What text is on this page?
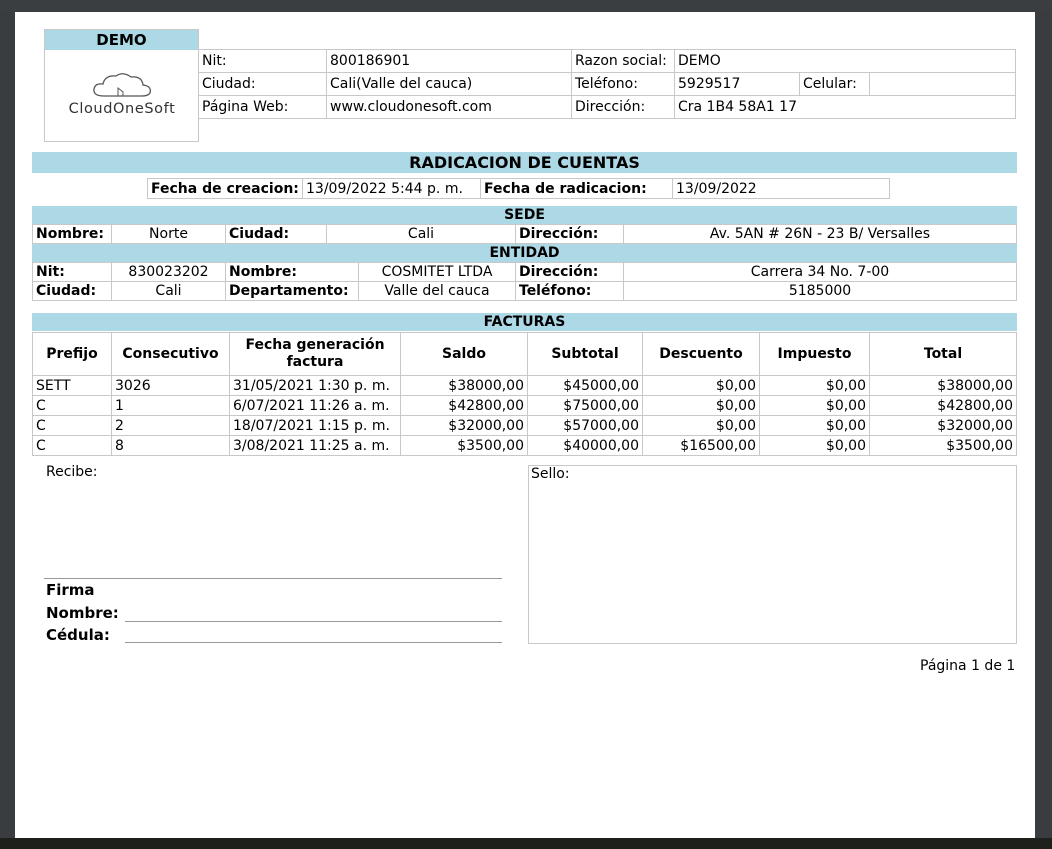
DEMO
CloudOneSoft
Nit:	800186901	Razon social:	DEMO		
Ciudad:	Cali(Valle del cauca)	Teléfono:	5929517	Celular:	
Página Web:	www.cloudonesoft.com	Dirección:	Cra 1B4 58A1 17		
RADICACION DE CUENTAS
Fecha de creacion:	13/09/2022 5:44 p. m.	Fecha de radicacion:	13/09/2022
SEDE
Nombre:	Norte	Ciudad:	Cali	Dirección:	Av. 5AN # 26N - 23 B/ Versalles
ENTIDAD
Nit:	830023202	Nombre:	COSMITET LTDA	Dirección:	Carrera 34 No. 7-00
Ciudad:	Cali	Departamento:	Valle del cauca	Teléfono:	5185000
FACTURAS
Prefijo	Consecutivo	Fecha generación factura	Saldo	Subtotal	Descuento	Impuesto	Total
SETT	3026	31/05/2021 1:30 p. m.	$38000,00	$45000,00	$0,00	$0,00	$38000,00
C	1	6/07/2021 11:26 a. m.	$42800,00	$75000,00	$0,00	$0,00	$42800,00
C	2	18/07/2021 1:15 p. m.	$32000,00	$57000,00	$0,00	$0,00	$32000,00
C	8	3/08/2021 11:25 a. m.	$3500,00	$40000,00	$16500,00	$0,00	$3500,00
Recibe:	Sello:
Firma
Nombre:
Cédula:
Página 1 de 1
